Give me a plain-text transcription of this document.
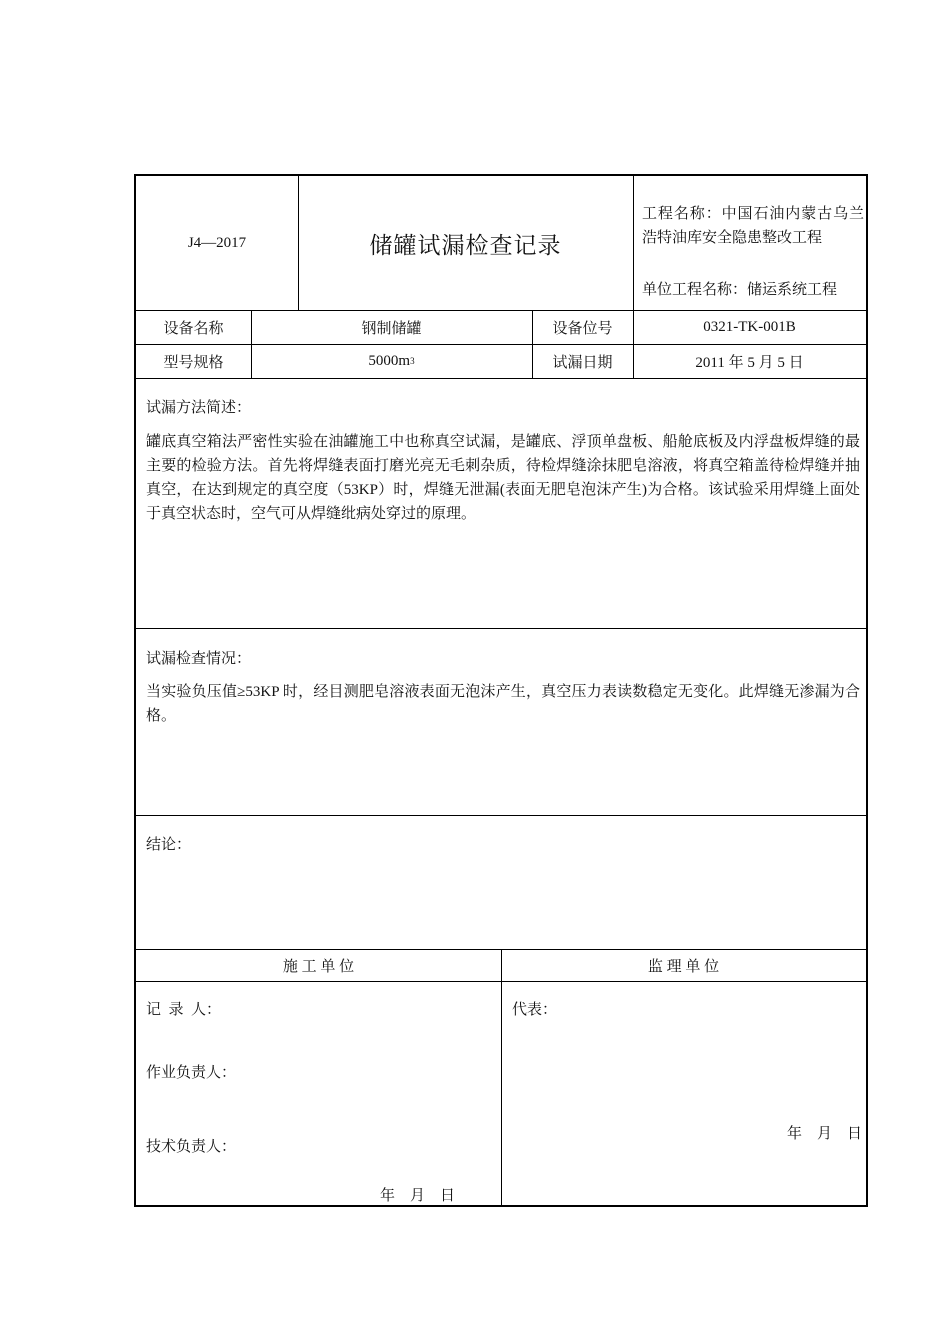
J4—2017	储罐试漏检查记录
工程名称：中国石油内蒙古乌兰浩特油库安全隐患整改工程
单位工程名称：储运系统工程
设备名称	钢制储罐	设备位号	0321-TK-001B
型号规格	5000m 3	试漏日期	2011 年 5 月 5 日
试漏方法简述：
罐底真空箱法严密性实验在油罐施工中也称真空试漏，是罐底、浮顶单盘板、船舱底板及内浮盘板焊缝的最主要的检验方法。首先将焊缝表面打磨光亮无毛刺杂质，待检焊缝涂抹肥皂溶液，将真空箱盖待检焊缝并抽真空，在达到规定的真空度（53KP）时，焊缝无泄漏(表面无肥皂泡沫产生)为合格。该试验采用焊缝上面处于真空状态时，空气可从焊缝纰病处穿过的原理。
试漏检查情况：
当实验负压值≥53KP 时，经目测肥皂溶液表面无泡沫产生，真空压力表读数稳定无变化。此焊缝无渗漏为合格。
结论：
施 工 单 位	监 理 单 位
记  录  人：
作业负责人：
技术负责人：
年    月    日
代表：
年    月    日
